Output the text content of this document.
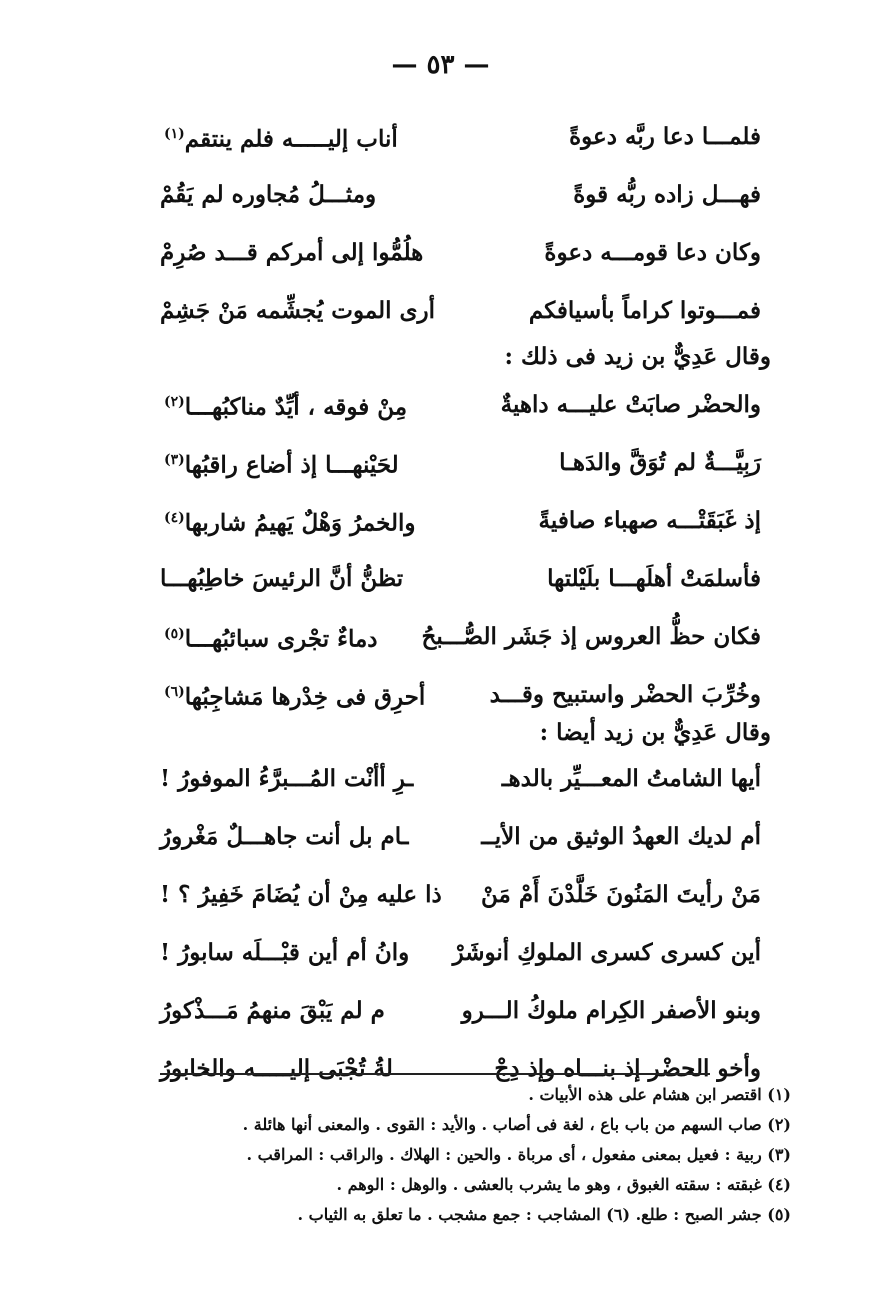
— ٥٣ —
فلمـــا دعا ربَّه دعوةً
أناب إليـــــه فلم ينتقم$^{(١)}$
فهـــل زاده ربُّه قوةً
ومثـــلُ مُجاوره لم يَقُمْ
وكان دعا قومـــه دعوةً
هلُمُّوا إلى أمركم قـــد صُرِمْ
فمـــوتوا كراماً بأسيافكم
أرى الموت يُجشِّمه مَنْ جَشِمْ
وقال عَدِيٌّ بن زيد فى ذلك :
والحضْر صابَتْ عليـــه داهيةٌ
مِنْ فوقه ، أيِّدٌ مناكبُهـــا$^{(٢)}$
رَبِيَّـــةٌ لم تُوَقَّ والدَهـا
لحَيْنهـــا إذ أضاع راقبُها$^{(٣)}$
إذ غَبَقَتْـــه صهباء صافيةً
والخمرُ وَهْلٌ يَهيمُ شاربها$^{(٤)}$
فأسلمَتْ أهلَهـــا بلَيْلتها
تظنُّ أنَّ الرئيسَ خاطِبُهـــا
فكان حظُّ العروس إذ جَشَر الصُّـــبحُ
دماءٌ تجْرى سبائبُهـــا$^{(٥)}$
وخُرِّبَ الحضْر واستبيح وقـــد
أحرِق فى خِدْرها مَشاجِبُها$^{(٦)}$
وقال عَدِيٌّ بن زيد أيضا :
أيها الشامتُ المعـــيِّر بالدهـ
ـرِ أأنْت المُـــبرَّءُ الموفورُ !
أم لديك العهدُ الوثيق من الأيــ
ـام بل أنت جاهـــلٌ مَغْرورُ
مَنْ رأيتَ المَنُونَ خَلَّدْنَ أَمْ مَنْ
ذا عليه مِنْ أن يُضَامَ خَفِيرُ ؟ !
أين كسرى كسرى الملوكِ أنوشَرْ
وانُ أم أين قبْـــلَه سابورُ !
وبنو الأصفر الكِرام ملوكُ الـــرو
م لم يَبْقَ منهمُ مَـــذْكورُ
وأخو الحضْر إذ بنـــاه وإذ دِجْ
لةُ تُجْبَى إليـــــه والخابورُ
(١) اقتصر ابن هشام على هذه الأبيات .
(٢) صاب السهم من باب باع ، لغة فى أصاب . والأيد : القوى . والمعنى أنها هائلة .
(٣) ربية : فعيل بمعنى مفعول ، أى مرباة . والحين : الهلاك . والراقب : المراقب .
(٤) غبقته : سقته الغبوق ، وهو ما يشرب بالعشى . والوهل : الوهم .
(٥) جشر الصبح : طلع. (٦) المشاجب : جمع مشجب . ما تعلق به الثياب .
